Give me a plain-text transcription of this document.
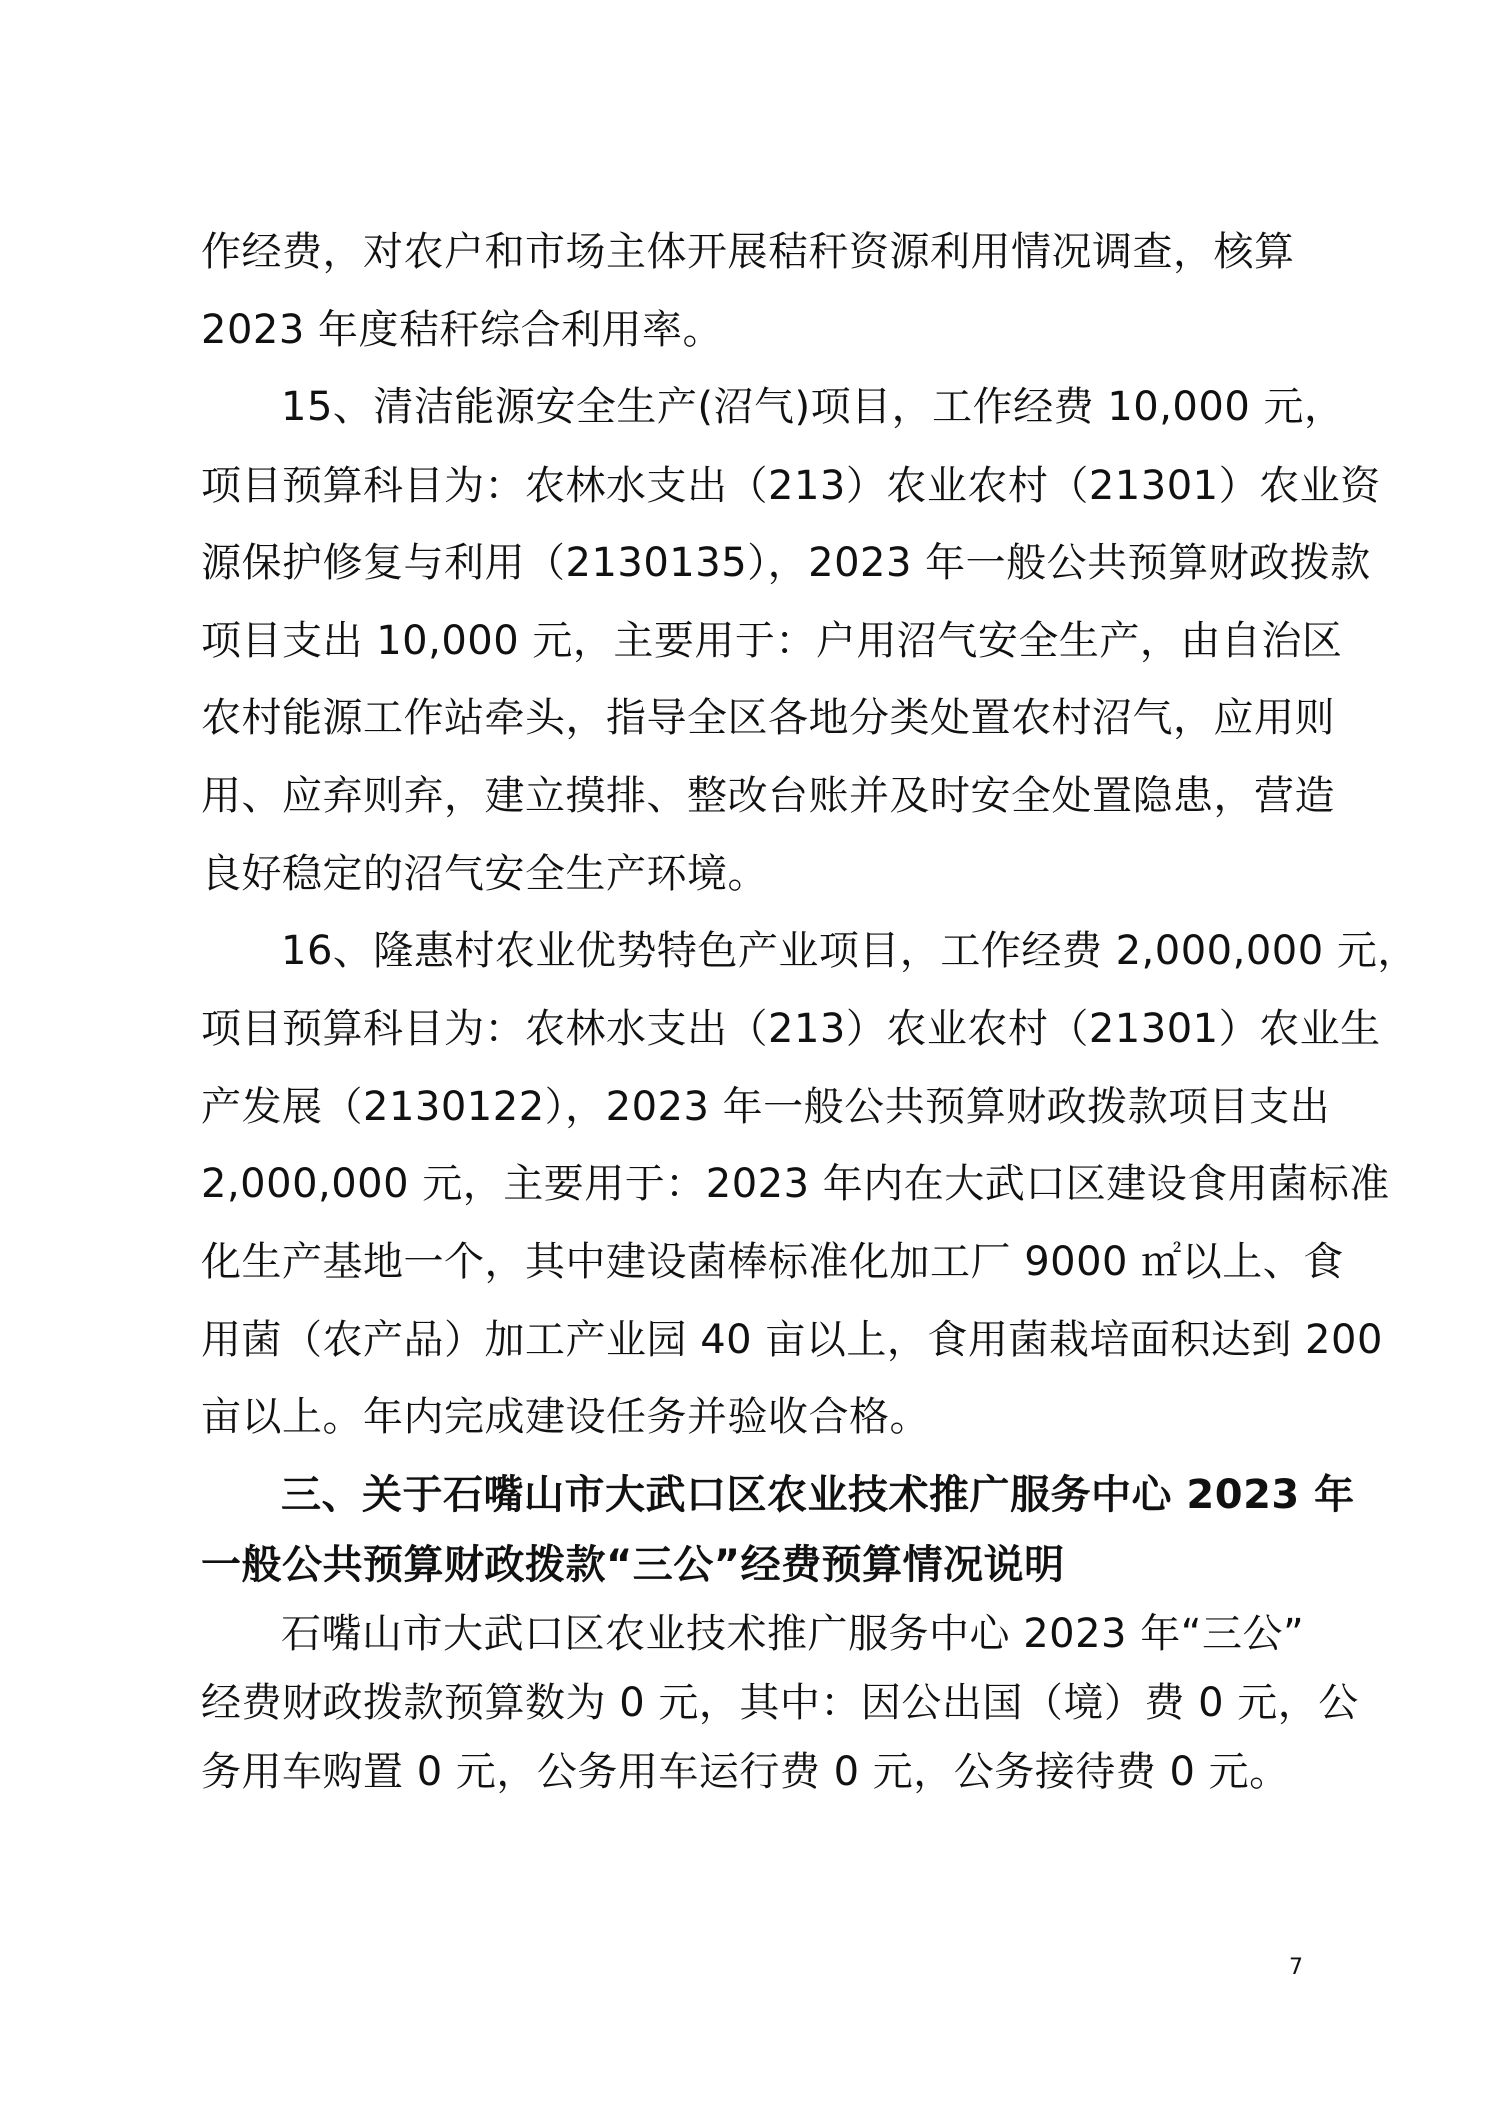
作经费，对农户和市场主体开展秸秆资源利用情况调查，核算
2023 年度秸秆综合利用率。
15、清洁能源安全生产(沼气)项目，工作经费 10,000 元，
项目预算科目为：农林水支出（213）农业农村（21301）农业资
源保护修复与利用（2130135），2023 年一般公共预算财政拨款
项目支出 10,000 元，主要用于：户用沼气安全生产，由自治区
农村能源工作站牵头，指导全区各地分类处置农村沼气，应用则
用、应弃则弃，建立摸排、整改台账并及时安全处置隐患，营造
良好稳定的沼气安全生产环境。
16、隆惠村农业优势特色产业项目，工作经费 2,000,000 元，
项目预算科目为：农林水支出（213）农业农村（21301）农业生
产发展（2130122），2023 年一般公共预算财政拨款项目支出
2,000,000 元，主要用于：2023 年内在大武口区建设食用菌标准
化生产基地一个，其中建设菌棒标准化加工厂 9000 ㎡以上、食
用菌（农产品）加工产业园 40 亩以上，食用菌栽培面积达到 200
亩以上。年内完成建设任务并验收合格。
三、关于石嘴山市大武口区农业技术推广服务中心 2023 年
一般公共预算财政拨款“三公”经费预算情况说明
石嘴山市大武口区农业技术推广服务中心 2023 年“三公”
经费财政拨款预算数为 0 元，其中：因公出国（境）费 0 元，公
务用车购置 0 元，公务用车运行费 0 元，公务接待费 0 元。
7
